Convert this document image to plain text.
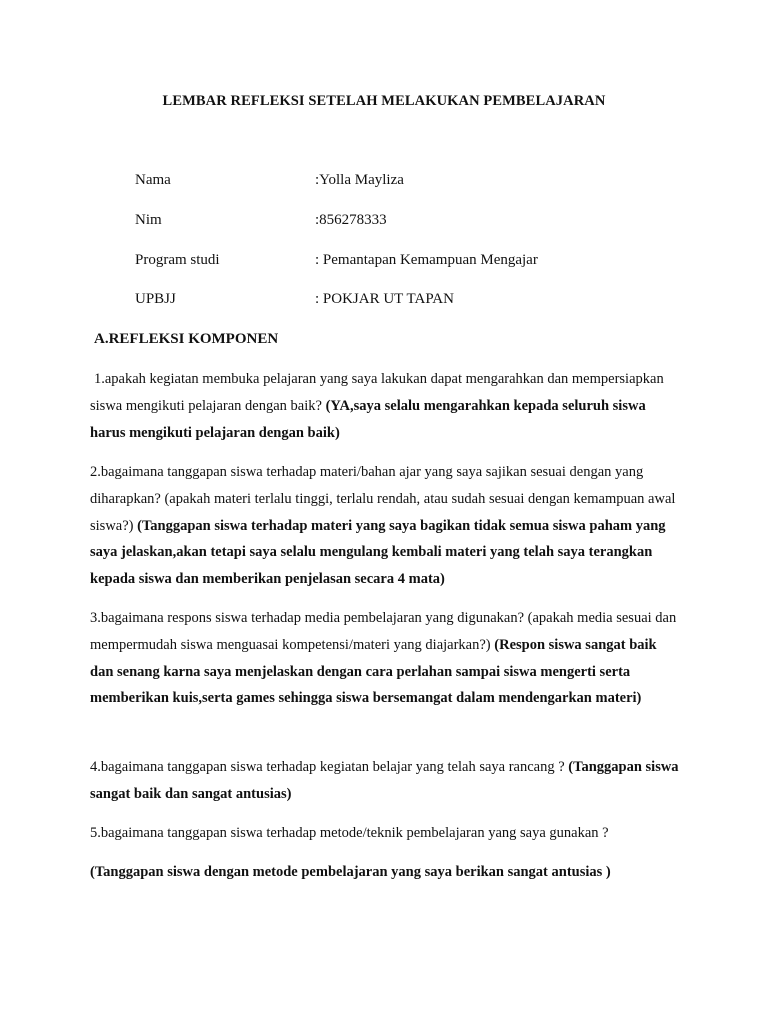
LEMBAR REFLEKSI SETELAH MELAKUKAN PEMBELAJARAN
Nama	:Yolla Mayliza
Nim	:856278333
Program studi	: Pemantapan Kemampuan Mengajar
UPBJJ	: POKJAR UT TAPAN
A.REFLEKSI KOMPONEN
1.apakah kegiatan membuka pelajaran yang saya lakukan dapat mengarahkan dan mempersiapkan siswa mengikuti pelajaran dengan baik? (YA,saya selalu mengarahkan kepada seluruh siswa harus mengikuti pelajaran dengan baik)
2.bagaimana tanggapan siswa terhadap materi/bahan ajar yang saya sajikan sesuai dengan yang diharapkan? (apakah materi terlalu tinggi, terlalu rendah, atau sudah sesuai dengan kemampuan awal siswa?) (Tanggapan siswa terhadap materi yang saya bagikan tidak semua siswa paham yang saya jelaskan,akan tetapi saya selalu mengulang kembali materi yang telah saya terangkan kepada siswa dan memberikan penjelasan secara 4 mata)
3.bagaimana respons siswa terhadap media pembelajaran yang digunakan? (apakah media sesuai dan mempermudah siswa menguasai kompetensi/materi yang diajarkan?) (Respon siswa sangat baik dan senang karna saya menjelaskan dengan cara perlahan sampai siswa mengerti serta memberikan kuis,serta games sehingga siswa bersemangat dalam mendengarkan materi)
4.bagaimana tanggapan siswa terhadap kegiatan belajar yang telah saya rancang ? (Tanggapan siswa sangat baik dan sangat antusias)
5.bagaimana tanggapan siswa terhadap metode/teknik pembelajaran yang saya gunakan ?
(Tanggapan siswa dengan metode pembelajaran yang saya berikan sangat antusias )
